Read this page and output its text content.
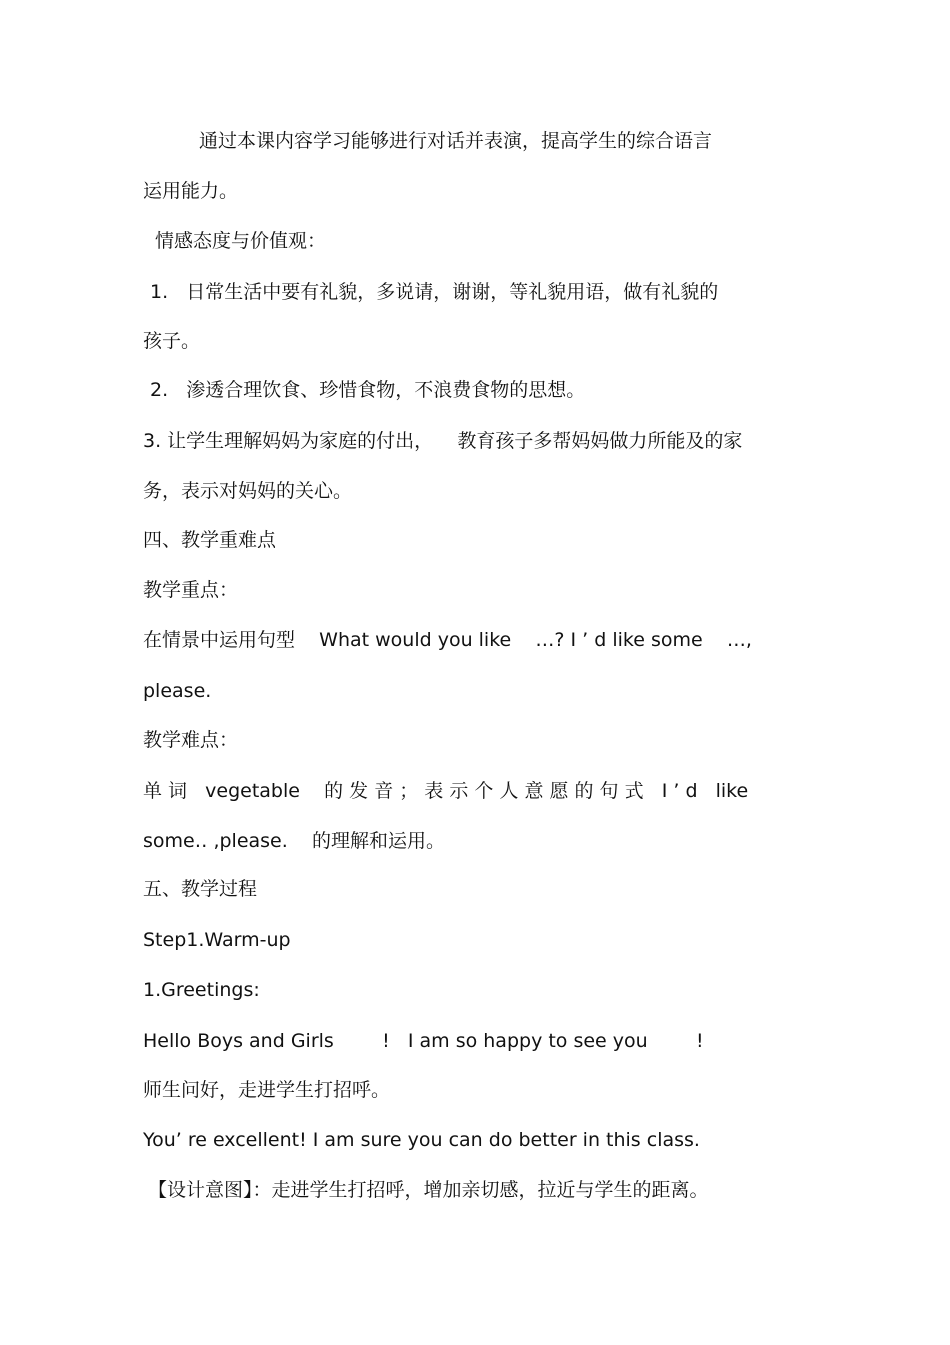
通过本课内容学习能够进行对话并表演，提高学生的综合语言

运用能力。

情感态度与价值观：

1.   日常生活中要有礼貌，多说请，谢谢，等礼貌用语，做有礼貌的

孩子。

2.   渗透合理饮食、珍惜食物，不浪费食物的思想。

3. 让学生理解妈妈为家庭的付出，    教育孩子多帮妈妈做力所能及的家

务，表示对妈妈的关心。

四、教学重难点

教学重点：

在情景中运用句型    What would you like    …? I ’ d like some    …,

please.

教学难点：

单 词   vegetable    的 发 音 ； 表 示 个 人 意 愿 的 句 式   I ’ d   like

some‥ ,please.    的理解和运用。

五、教学过程

Step1.Warm-up

1.Greetings:

Hello Boys and Girls        !   I am so happy to see you        !

师生问好，走进学生打招呼。

You’ re excellent! I am sure you can do better in this class.

【设计意图】：走进学生打招呼，增加亲切感，拉近与学生的距离。
